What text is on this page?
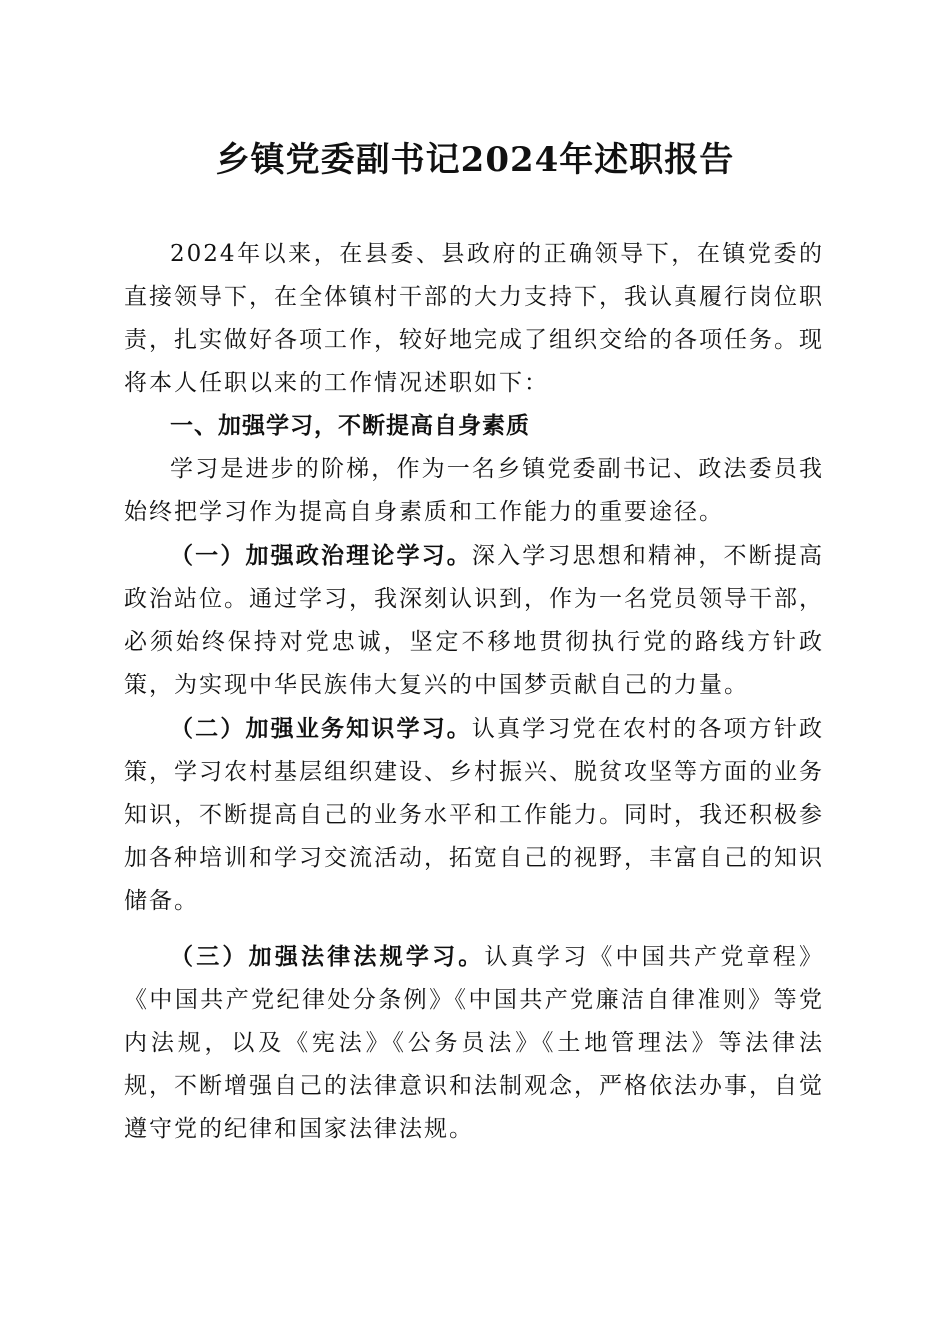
乡镇党委副书记2024年述职报告

2024年以来，在县委、县政府的正确领导下，在镇党委的直接领导下，在全体镇村干部的大力支持下，我认真履行岗位职责，扎实做好各项工作，较好地完成了组织交给的各项任务。现将本人任职以来的工作情况述职如下：

一、加强学习，不断提高自身素质

学习是进步的阶梯，作为一名乡镇党委副书记、政法委员我始终把学习作为提高自身素质和工作能力的重要途径。

（一）加强政治理论学习。深入学习思想和精神，不断提高政治站位。通过学习，我深刻认识到，作为一名党员领导干部，必须始终保持对党忠诚，坚定不移地贯彻执行党的路线方针政策，为实现中华民族伟大复兴的中国梦贡献自己的力量。

（二）加强业务知识学习。认真学习党在农村的各项方针政策，学习农村基层组织建设、乡村振兴、脱贫攻坚等方面的业务知识，不断提高自己的业务水平和工作能力。同时，我还积极参加各种培训和学习交流活动，拓宽自己的视野，丰富自己的知识储备。

（三）加强法律法规学习。认真学习《中国共产党章程》《中国共产党纪律处分条例》《中国共产党廉洁自律准则》等党内法规，以及《宪法》《公务员法》《土地管理法》等法律法规，不断增强自己的法律意识和法制观念，严格依法办事，自觉遵守党的纪律和国家法律法规。
